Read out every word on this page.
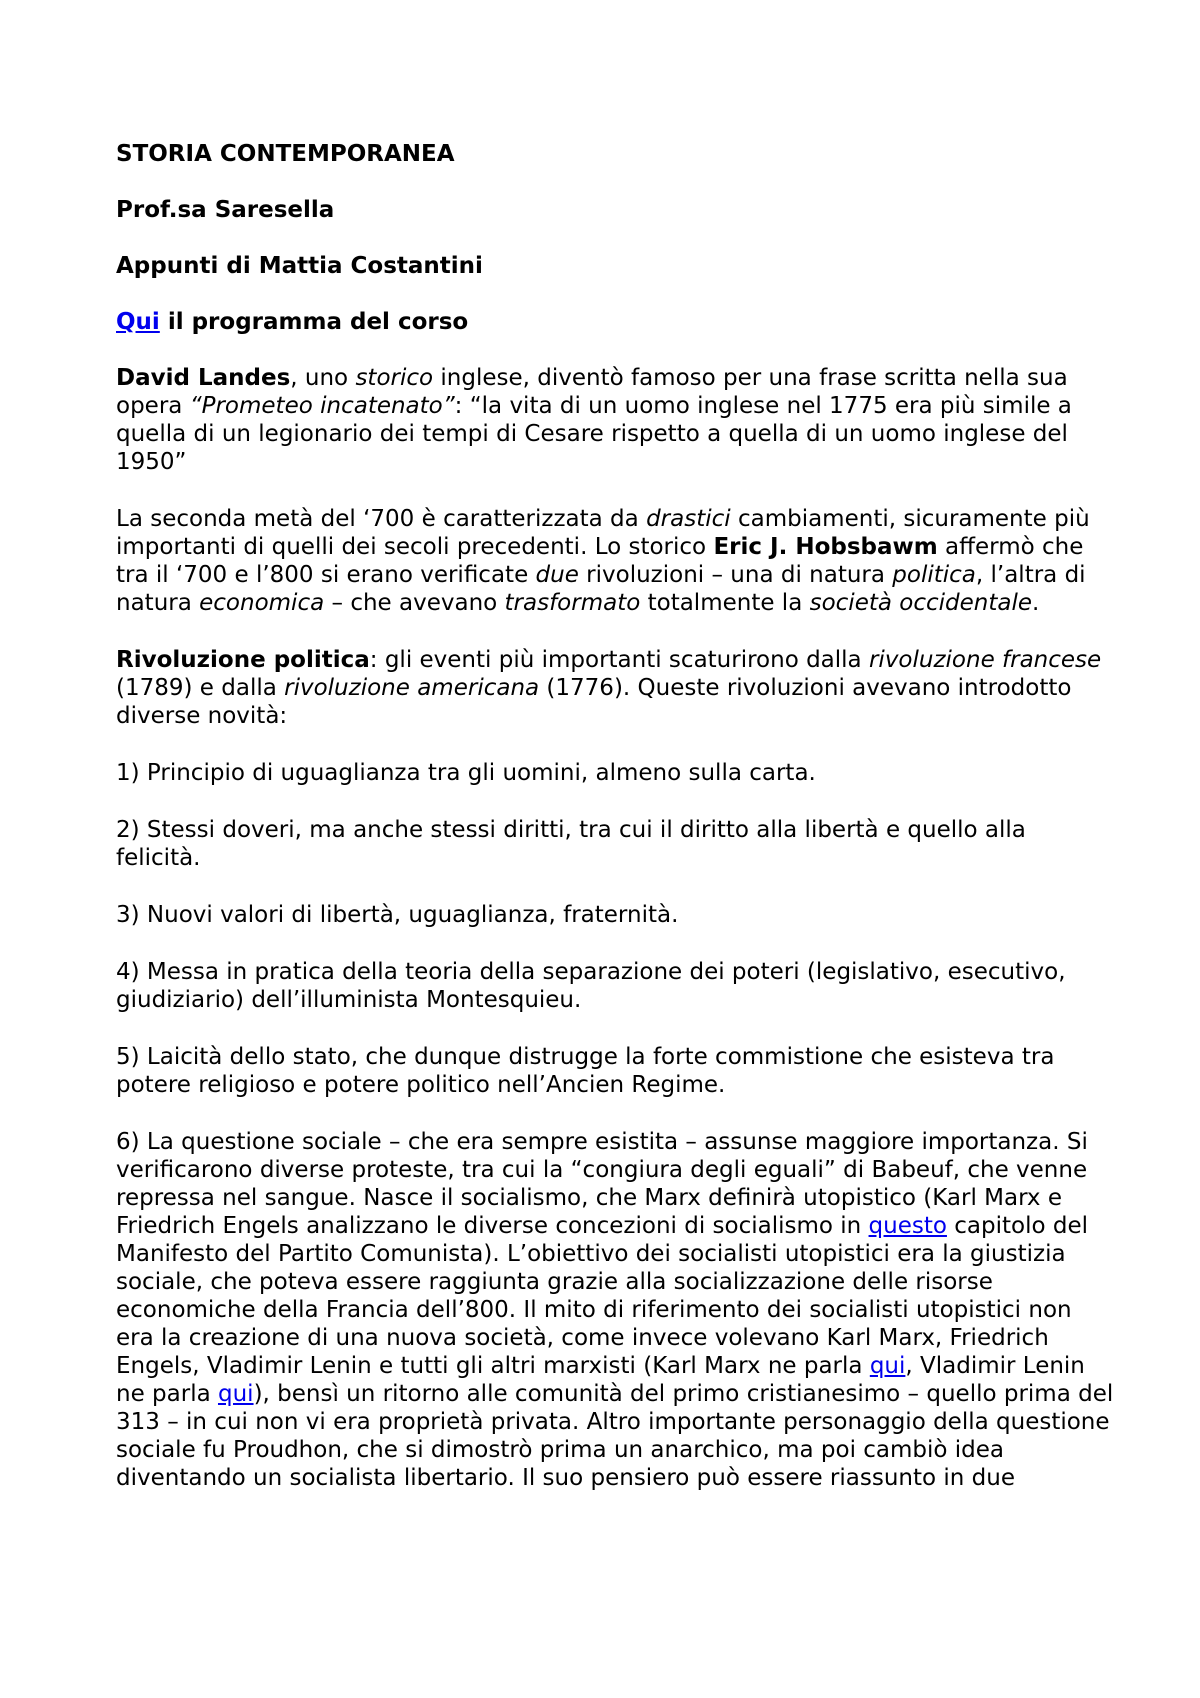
STORIA CONTEMPORANEA

Prof.sa Saresella

Appunti di Mattia Costantini

Qui il programma del corso

David Landes, uno storico inglese, diventò famoso per una frase scritta nella sua opera “Prometeo incatenato”: “la vita di un uomo inglese nel 1775 era più simile a quella di un legionario dei tempi di Cesare rispetto a quella di un uomo inglese del 1950”

La seconda metà del ‘700 è caratterizzata da drastici cambiamenti, sicuramente più importanti di quelli dei secoli precedenti. Lo storico Eric J. Hobsbawm affermò che tra il ‘700 e l’800 si erano verificate due rivoluzioni – una di natura politica, l’altra di natura economica – che avevano trasformato totalmente la società occidentale.

Rivoluzione politica: gli eventi più importanti scaturirono dalla rivoluzione francese (1789) e dalla rivoluzione americana (1776). Queste rivoluzioni avevano introdotto diverse novità:

1) Principio di uguaglianza tra gli uomini, almeno sulla carta.

2) Stessi doveri, ma anche stessi diritti, tra cui il diritto alla libertà e quello alla felicità.

3) Nuovi valori di libertà, uguaglianza, fraternità.

4) Messa in pratica della teoria della separazione dei poteri (legislativo, esecutivo, giudiziario) dell’illuminista Montesquieu.

5) Laicità dello stato, che dunque distrugge la forte commistione che esisteva tra potere religioso e potere politico nell’Ancien Regime.

6) La questione sociale – che era sempre esistita – assunse maggiore importanza. Si verificarono diverse proteste, tra cui la “congiura degli eguali” di Babeuf, che venne repressa nel sangue. Nasce il socialismo, che Marx definirà utopistico (Karl Marx e Friedrich Engels analizzano le diverse concezioni di socialismo in questo capitolo del Manifesto del Partito Comunista). L’obiettivo dei socialisti utopistici era la giustizia sociale, che poteva essere raggiunta grazie alla socializzazione delle risorse economiche della Francia dell’800. Il mito di riferimento dei socialisti utopistici non era la creazione di una nuova società, come invece volevano Karl Marx, Friedrich Engels, Vladimir Lenin e tutti gli altri marxisti (Karl Marx ne parla qui, Vladimir Lenin ne parla qui), bensì un ritorno alle comunità del primo cristianesimo – quello prima del 313 – in cui non vi era proprietà privata. Altro importante personaggio della questione sociale fu Proudhon, che si dimostrò prima un anarchico, ma poi cambiò idea diventando un socialista libertario. Il suo pensiero può essere riassunto in due
